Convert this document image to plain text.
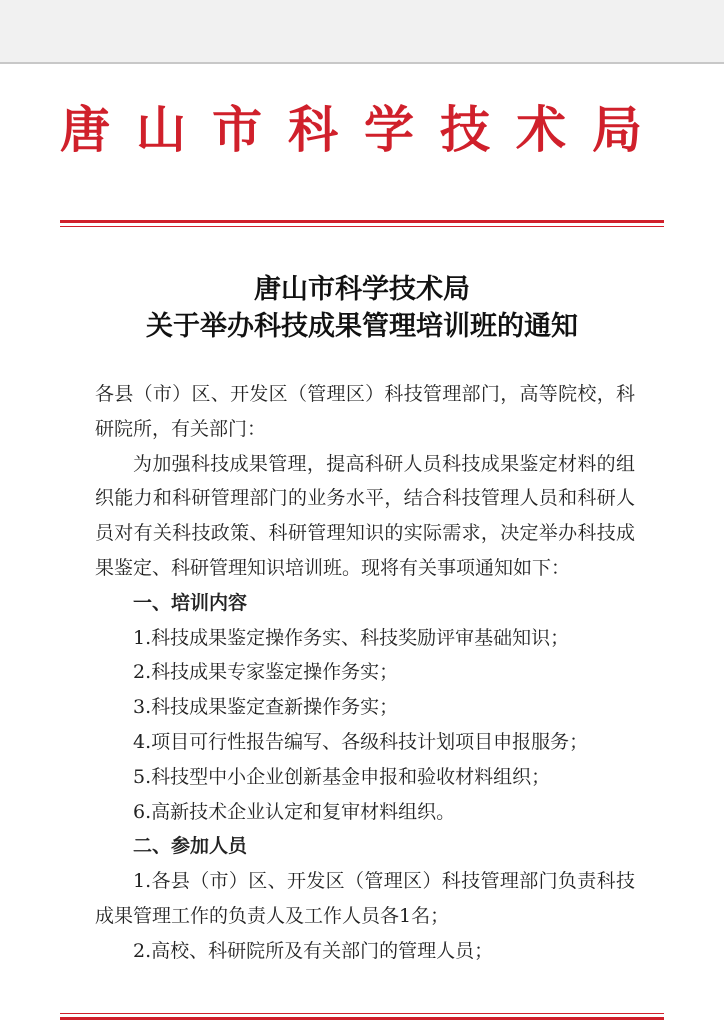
唐山市科学技术局
唐山市科学技术局
关于举办科技成果管理培训班的通知

各县（市）区、开发区（管理区）科技管理部门，高等院校，科研院所，有关部门：

为加强科技成果管理，提高科研人员科技成果鉴定材料的组织能力和科研管理部门的业务水平，结合科技管理人员和科研人员对有关科技政策、科研管理知识的实际需求，决定举办科技成果鉴定、科研管理知识培训班。现将有关事项通知如下：

一、培训内容

1.科技成果鉴定操作务实、科技奖励评审基础知识；

2.科技成果专家鉴定操作务实；

3.科技成果鉴定查新操作务实；

4.项目可行性报告编写、各级科技计划项目申报服务；

5.科技型中小企业创新基金申报和验收材料组织；

6.高新技术企业认定和复审材料组织。

二、参加人员

1.各县（市）区、开发区（管理区）科技管理部门负责科技成果管理工作的负责人及工作人员各1名；

2.高校、科研院所及有关部门的管理人员；
